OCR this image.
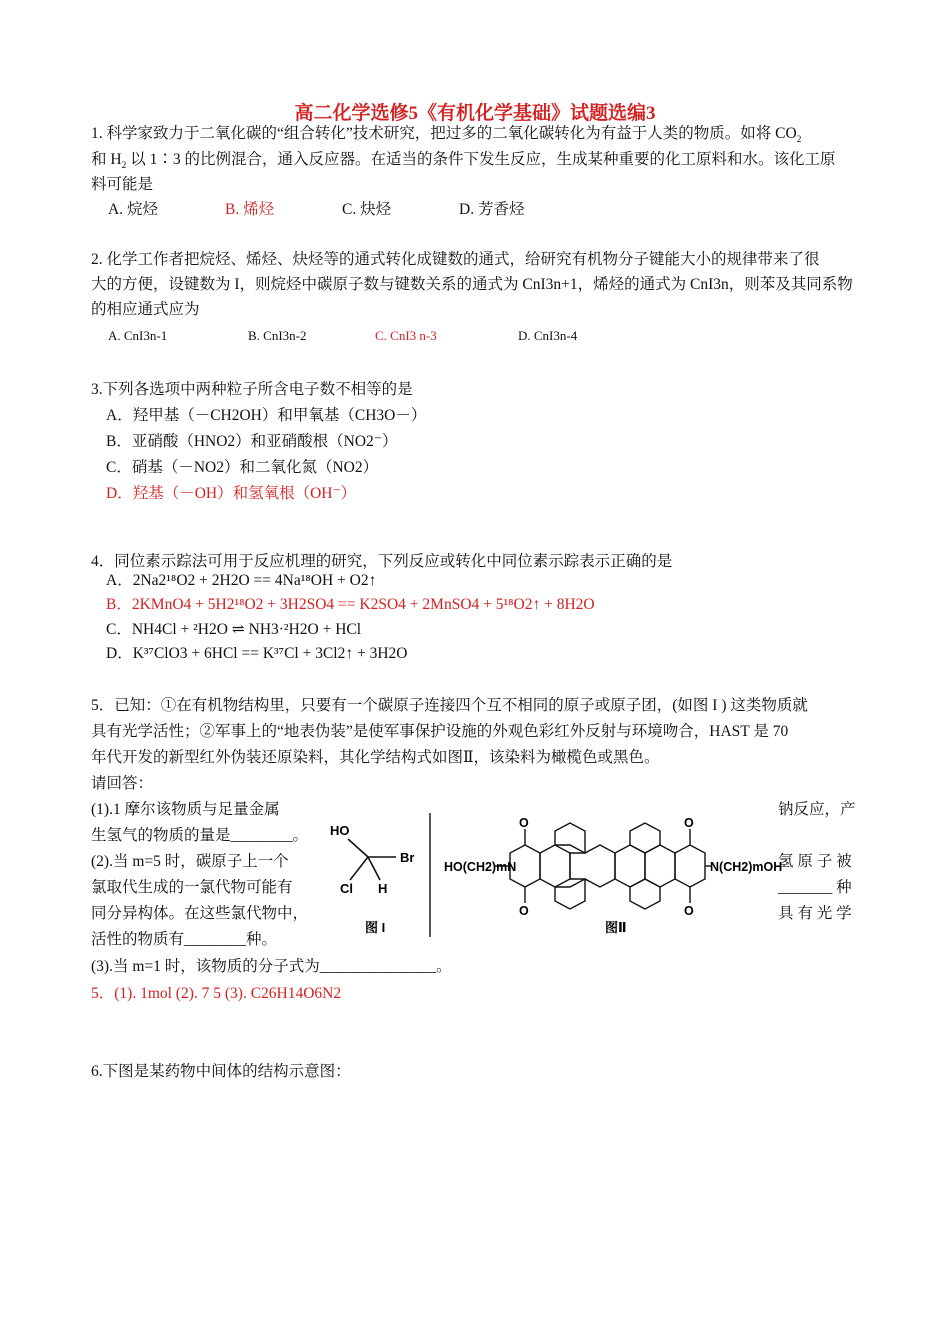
高二化学选修5《有机化学基础》试题选编3
1. 科学家致力于二氧化碳的“组合转化”技术研究，把过多的二氧化碳转化为有益于人类的物质。如将 $CO_2$
和 $H_2$ 以 1∶3 的比例混合，通入反应器。在适当的条件下发生反应，生成某种重要的化工原料和水。该化工原
料可能是
A. 烷烃	B. 烯烃	C. 炔烃	D. 芳香烃
2. 化学工作者把烷烃、烯烃、炔烃等的通式转化成键数的通式，给研究有机物分子键能大小的规律带来了很
大的方便，设键数为 I，则烷烃中碳原子数与键数关系的通式为 CnI3n+1，烯烃的通式为 CnI3n，则苯及其同系物
的相应通式应为
A. CnI3n-1	B. CnI3n-2	C. CnI3 n-3	D. CnI3n-4
3.下列各选项中两种粒子所含电子数不相等的是
A．羟甲基（－CH2OH）和甲氧基（CH3O－）
B．亚硝酸（HNO2）和亚硝酸根（NO2⁻）
C．硝基（－NO2）和二氧化氮（NO2）
D．羟基（－OH）和氢氧根（OH⁻）
4．同位素示踪法可用于反应机理的研究，下列反应或转化中同位素示踪表示正确的是
A．2Na2¹⁸O2 + 2H2O == 4Na¹⁸OH + O2↑
B．2KMnO4 + 5H2¹⁸O2 + 3H2SO4 == K2SO4 + 2MnSO4 + 5¹⁸O2↑ + 8H2O
C．NH4Cl + ²H2O ⇌ NH3·²H2O + HCl
D．K³⁷ClO3 + 6HCl == K³⁷Cl + 3Cl2↑ + 3H2O
5．已知：①在有机物结构里，只要有一个碳原子连接四个互不相同的原子或原子团，(如图 I ) 这类物质就
具有光学活性；②军事上的“地表伪装”是使军事保护设施的外观色彩红外反射与环境吻合，HAST 是 70
年代开发的新型红外伪装还原染料，其化学结构式如图Ⅱ，该染料为橄榄色或黑色。
请回答：
(1).1 摩尔该物质与足量金属	钠反应，产
生氢气的物质的量是________。
(2).当 m=5 时，碳原子上一个	氢 原 子 被
氯取代生成的一氯代物可能有	_______ 种
同分异构体。在这些氯代物中，	具 有 光 学
活性的物质有________种。
(3).当 m=1 时，该物质的分子式为_______________。
5．(1). 1mol (2). 7 5 (3). C26H14O6N2
HO
Br
Cl H
图 I
HO(CH2)mN	N(CH2)mOH
O
O
O
O
图Ⅱ
6.下图是某药物中间体的结构示意图：
